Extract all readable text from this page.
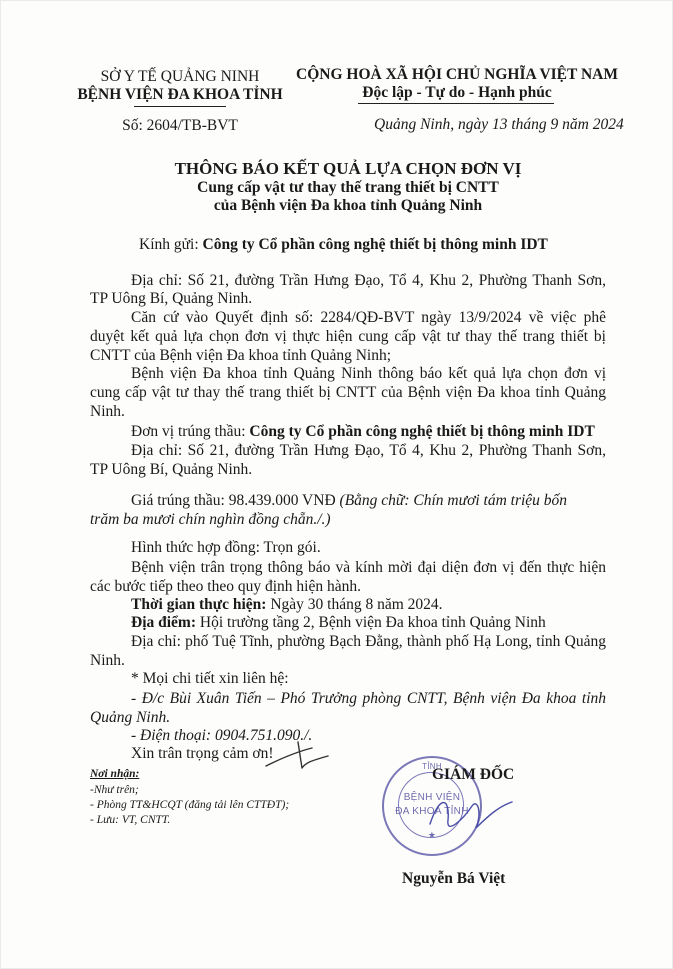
SỞ Y TẾ QUẢNG NINH
BỆNH VIỆN ĐA KHOA TỈNH
Số: 2604/TB-BVT
CỘNG HOÀ XÃ HỘI CHỦ NGHĨA VIỆT NAM
Độc lập - Tự do - Hạnh phúc
Quảng Ninh, ngày 13 tháng 9 năm 2024
THÔNG BÁO KẾT QUẢ LỰA CHỌN ĐƠN VỊ
Cung cấp vật tư thay thế trang thiết bị CNTT
của Bệnh viện Đa khoa tỉnh Quảng Ninh
Kính gửi: Công ty Cổ phần công nghệ thiết bị thông minh IDT
Địa chỉ: Số 21, đường Trần Hưng Đạo, Tổ 4, Khu 2, Phường Thanh Sơn,
TP Uông Bí, Quảng Ninh.
Căn cứ vào Quyết định số: 2284/QĐ-BVT ngày 13/9/2024 về việc phê
duyệt kết quả lựa chọn đơn vị thực hiện cung cấp vật tư thay thế trang thiết bị
CNTT của Bệnh viện Đa khoa tỉnh Quảng Ninh;
Bệnh viện Đa khoa tỉnh Quảng Ninh thông báo kết quả lựa chọn đơn vị
cung cấp vật tư thay thế trang thiết bị CNTT của Bệnh viện Đa khoa tỉnh Quảng
Ninh.
Đơn vị trúng thầu: Công ty Cổ phần công nghệ thiết bị thông minh IDT
Địa chỉ: Số 21, đường Trần Hưng Đạo, Tổ 4, Khu 2, Phường Thanh Sơn,
TP Uông Bí, Quảng Ninh.
Giá trúng thầu: 98.439.000 VNĐ (Bằng chữ: Chín mươi tám triệu bốn
trăm ba mươi chín nghìn đồng chẵn./.)
Hình thức hợp đồng: Trọn gói.
Bệnh viện trân trọng thông báo và kính mời đại diện đơn vị đến thực hiện
các bước tiếp theo theo quy định hiện hành.
Thời gian thực hiện: Ngày 30 tháng 8 năm 2024.
Địa điểm: Hội trường tầng 2, Bệnh viện Đa khoa tỉnh Quảng Ninh
Địa chỉ: phố Tuệ Tĩnh, phường Bạch Đằng, thành phố Hạ Long, tỉnh Quảng
Ninh.
* Mọi chi tiết xin liên hệ:
- Đ/c Bùi Xuân Tiến – Phó Trưởng phòng CNTT, Bệnh viện Đa khoa tỉnh
Quảng Ninh.
- Điện thoại: 0904.751.090./.
Xin trân trọng cảm ơn!
Nơi nhận:
-Như trên;
- Phòng TT&HCQT (đăng tải lên CTTĐT);
- Lưu: VT, CNTT.
TỈNH
BỆNH VIỆN
ĐA KHOA TỈNH
★
GIÁM ĐỐC
Nguyễn Bá Việt
